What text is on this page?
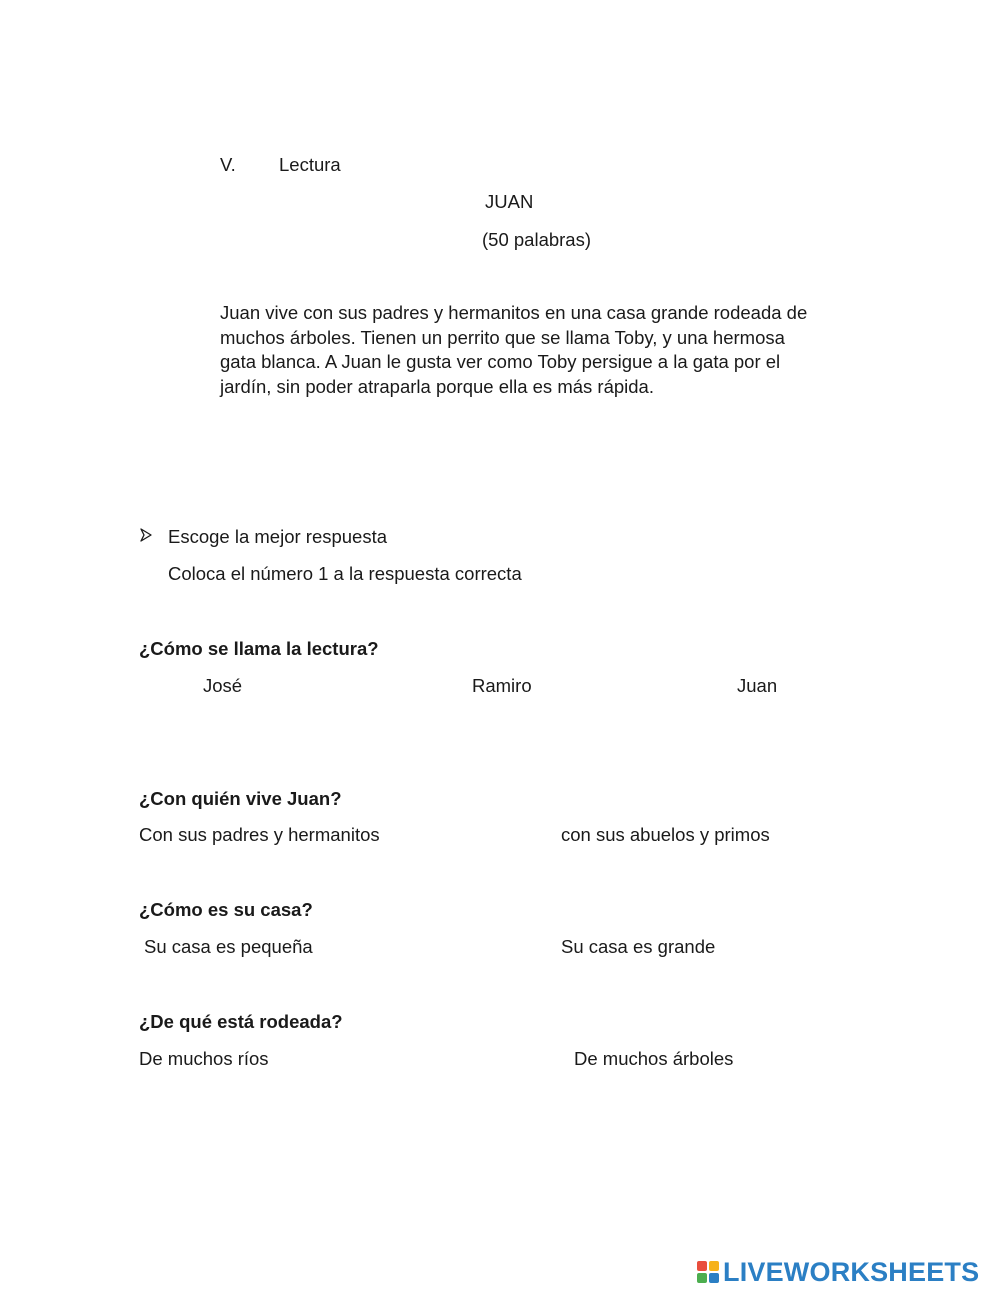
V. Lectura
JUAN
(50 palabras)
Juan vive con sus padres y hermanitos en una casa grande rodeada de
muchos árboles. Tienen un perrito que se llama Toby, y una hermosa
gata blanca. A Juan le gusta ver como Toby persigue a la gata por el
jardín, sin poder atraparla porque ella es más rápida.
Escoge la mejor respuesta
Coloca el número 1 a la respuesta correcta
¿Cómo se llama la lectura?
José	Ramiro	Juan
¿Con quién vive Juan?
Con sus padres y hermanitos	con sus abuelos y primos
¿Cómo es su casa?
Su casa es pequeña	Su casa es grande
¿De qué está rodeada?
De muchos ríos	De muchos árboles
LIVEWORKSHEETS
